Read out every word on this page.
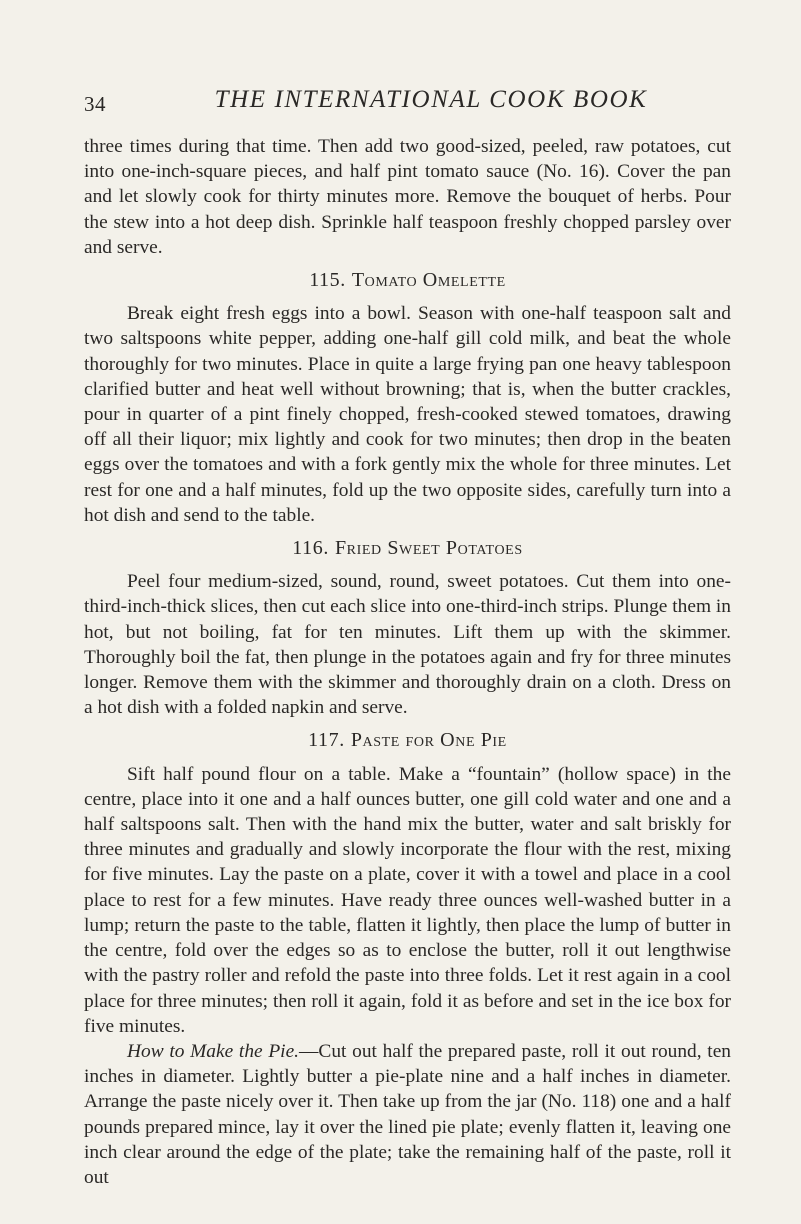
34	THE INTERNATIONAL COOK BOOK

three times during that time. Then add two good-sized, peeled, raw potatoes, cut into one-inch-square pieces, and half pint tomato sauce (No. 16). Cover the pan and let slowly cook for thirty minutes more. Remove the bouquet of herbs. Pour the stew into a hot deep dish. Sprinkle half teaspoon freshly chopped parsley over and serve.

115. Tomato Omelette

Break eight fresh eggs into a bowl. Season with one-half teaspoon salt and two saltspoons white pepper, adding one-half gill cold milk, and beat the whole thoroughly for two minutes. Place in quite a large frying pan one heavy tablespoon clarified butter and heat well without browning; that is, when the butter crackles, pour in quarter of a pint finely chopped, fresh-cooked stewed tomatoes, drawing off all their liquor; mix lightly and cook for two minutes; then drop in the beaten eggs over the tomatoes and with a fork gently mix the whole for three minutes. Let rest for one and a half minutes, fold up the two opposite sides, carefully turn into a hot dish and send to the table.

116. Fried Sweet Potatoes

Peel four medium-sized, sound, round, sweet potatoes. Cut them into one-third-inch-thick slices, then cut each slice into one-third-inch strips. Plunge them in hot, but not boiling, fat for ten minutes. Lift them up with the skimmer. Thoroughly boil the fat, then plunge in the potatoes again and fry for three minutes longer. Remove them with the skimmer and thoroughly drain on a cloth. Dress on a hot dish with a folded napkin and serve.

117. Paste for One Pie

Sift half pound flour on a table. Make a “fountain” (hollow space) in the centre, place into it one and a half ounces butter, one gill cold water and one and a half saltspoons salt. Then with the hand mix the butter, water and salt briskly for three minutes and gradually and slowly incorporate the flour with the rest, mixing for five minutes. Lay the paste on a plate, cover it with a towel and place in a cool place to rest for a few minutes. Have ready three ounces well-washed butter in a lump; return the paste to the table, flatten it lightly, then place the lump of butter in the centre, fold over the edges so as to enclose the butter, roll it out lengthwise with the pastry roller and refold the paste into three folds. Let it rest again in a cool place for three minutes; then roll it again, fold it as before and set in the ice box for five minutes.

How to Make the Pie.—Cut out half the prepared paste, roll it out round, ten inches in diameter. Lightly butter a pie-plate nine and a half inches in diameter. Arrange the paste nicely over it. Then take up from the jar (No. 118) one and a half pounds prepared mince, lay it over the lined pie plate; evenly flatten it, leaving one inch clear around the edge of the plate; take the remaining half of the paste, roll it out
